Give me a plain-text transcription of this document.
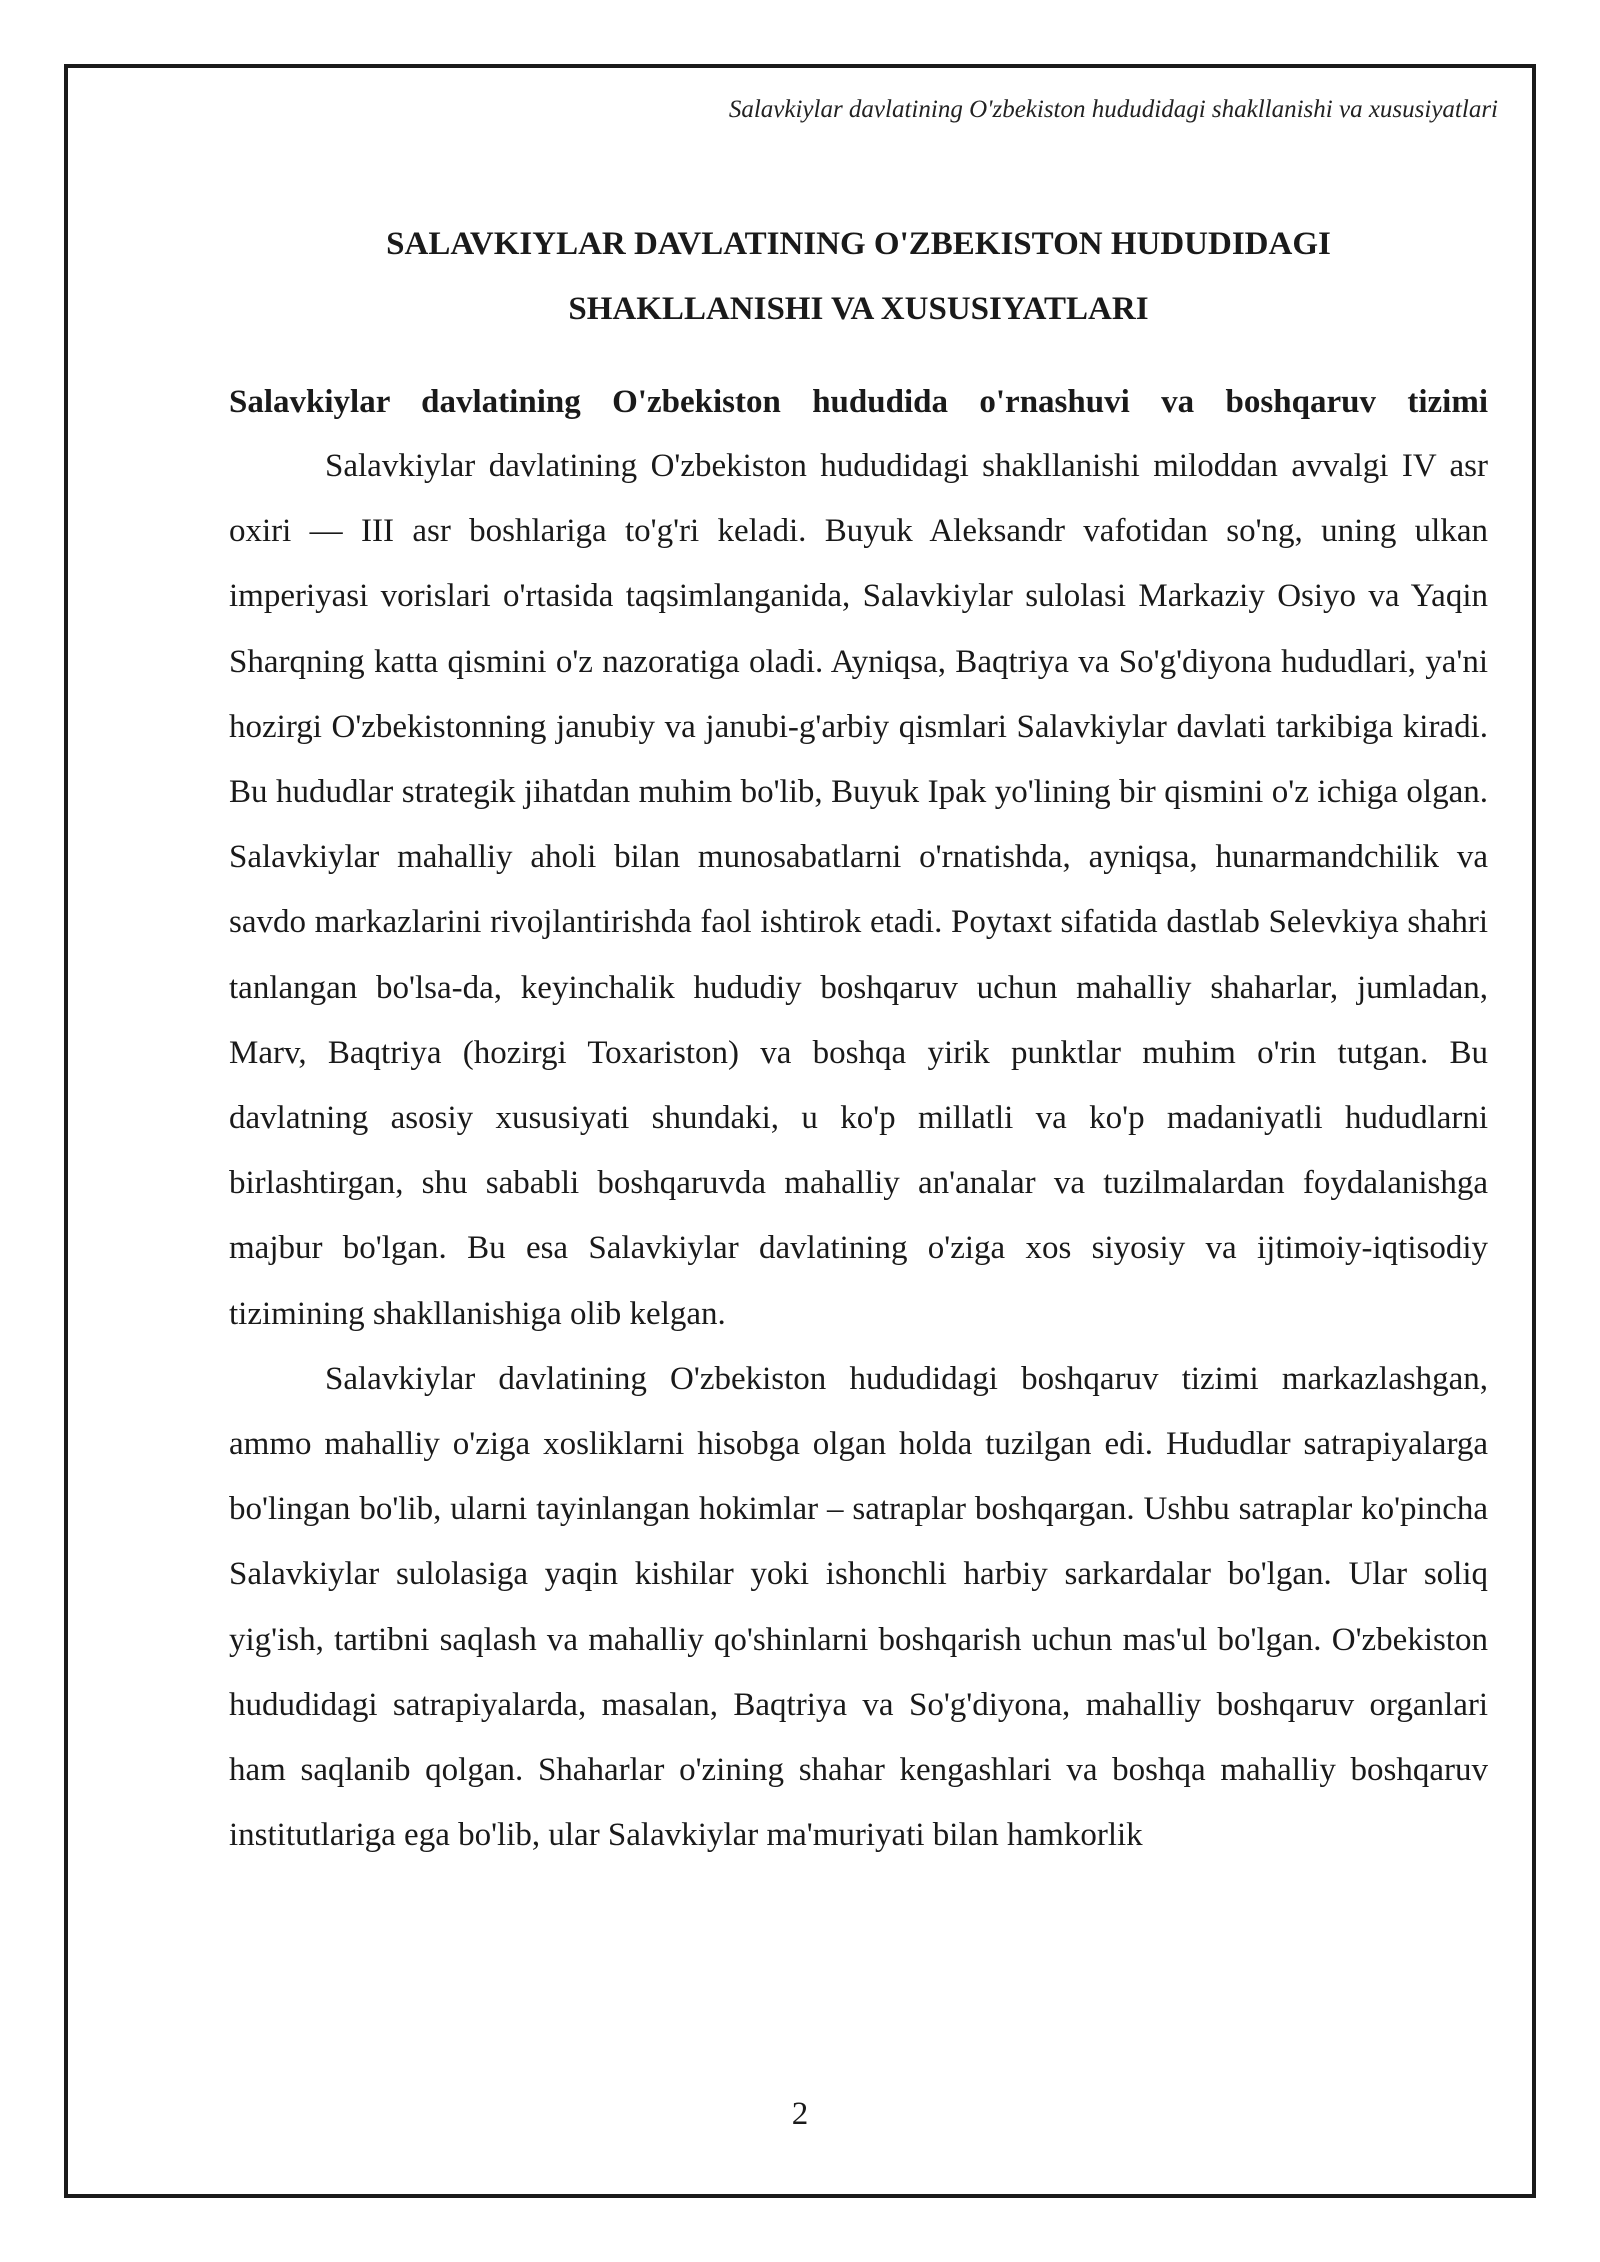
Salavkiylar davlatining O'zbekiston hududidagi shakllanishi va xususiyatlari
SALAVKIYLAR DAVLATINING O'ZBEKISTON HUDUDIDAGI
SHAKLLANISHI VA XUSUSIYATLARI
Salavkiylar davlatining O'zbekiston hududida o'rnashuvi va boshqaruv tizimi

Salavkiylar davlatining O'zbekiston hududidagi shakllanishi miloddan avvalgi IV asr oxiri — III asr boshlariga to'g'ri keladi. Buyuk Aleksandr vafotidan so'ng, uning ulkan imperiyasi vorislari o'rtasida taqsimlanganida, Salavkiylar sulolasi Markaziy Osiyo va Yaqin Sharqning katta qismini o'z nazoratiga oladi. Ayniqsa, Baqtriya va So'g'diyona hududlari, ya'ni hozirgi O'zbekistonning janubiy va janubi-g'arbiy qismlari Salavkiylar davlati tarkibiga kiradi. Bu hududlar strategik jihatdan muhim bo'lib, Buyuk Ipak yo'lining bir qismini o'z ichiga olgan. Salavkiylar mahalliy aholi bilan munosabatlarni o'rnatishda, ayniqsa, hunarmandchilik va savdo markazlarini rivojlantirishda faol ishtirok etadi. Poytaxt sifatida dastlab Selevkiya shahri tanlangan bo'lsa-da, keyinchalik hududiy boshqaruv uchun mahalliy shaharlar, jumladan, Marv, Baqtriya (hozirgi Toxariston) va boshqa yirik punktlar muhim o'rin tutgan. Bu davlatning asosiy xususiyati shundaki, u ko'p millatli va ko'p madaniyatli hududlarni birlashtirgan, shu sababli boshqaruvda mahalliy an'analar va tuzilmalardan foydalanishga majbur bo'lgan. Bu esa Salavkiylar davlatining o'ziga xos siyosiy va ijtimoiy-iqtisodiy tizimining shakllanishiga olib kelgan.

Salavkiylar davlatining O'zbekiston hududidagi boshqaruv tizimi markazlashgan, ammo mahalliy o'ziga xosliklarni hisobga olgan holda tuzilgan edi. Hududlar satrapiyalarga bo'lingan bo'lib, ularni tayinlangan hokimlar – satraplar boshqargan. Ushbu satraplar ko'pincha Salavkiylar sulolasiga yaqin kishilar yoki ishonchli harbiy sarkardalar bo'lgan. Ular soliq yig'ish, tartibni saqlash va mahalliy qo'shinlarni boshqarish uchun mas'ul bo'lgan. O'zbekiston hududidagi satrapiyalarda, masalan, Baqtriya va So'g'diyona, mahalliy boshqaruv organlari ham saqlanib qolgan. Shaharlar o'zining shahar kengashlari va boshqa mahalliy boshqaruv institutlariga ega bo'lib, ular Salavkiylar ma'muriyati bilan hamkorlik

2
